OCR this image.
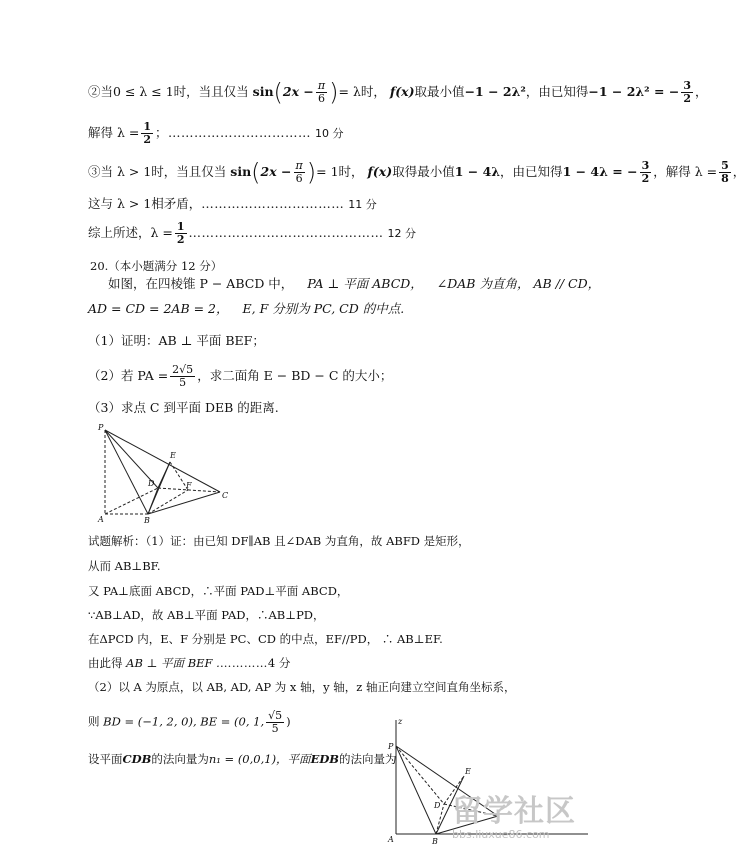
②当0 ≤ λ ≤ 1时，当且仅当 $\sin(2x - \frac{\pi}{6}$ )= λ时， f(x)取最小值−1 − 2λ²，由已知得−1 − 2λ² = − $\frac{3}{2}$ ，
解得 $\lambda = \frac{1}{2}$ ；…………………………… 10 分
③当 λ > 1时，当且仅当 $\sin(2x - \frac{\pi}{6}$ )= 1时， f(x)取得最小值1 − 4λ，由已知得1 − 4λ = − $\frac{3}{2}$ ，解得 $\lambda = \frac{5}{8}$ ，
这与 λ > 1相矛盾，…………………………… 11 分
综上所述，$\lambda = \frac{1}{2}$ ……………………………………… 12 分
20.（本小题满分 12 分）
如图，在四棱锥 P − ABCD 中， PA ⊥ 平面 ABCD， ∠DAB 为直角， AB // CD，
AD = CD = 2AB = 2， E, F 分别为 PC, CD 的中点.
（1）证明：AB ⊥ 平面 BEF；
（2）若 PA = $\frac{2√5}{5}$ ，求二面角 E − BD − C 的大小；
（3）求点 C 到平面 DEB 的距离.
P
E
D	F
C
A	B
试题解析：（1）证：由已知 DF∥AB 且∠DAB 为直角，故 ABFD 是矩形，
从而 AB⊥BF.
又 PA⊥底面 ABCD，∴平面 PAD⊥平面 ABCD，
∵AB⊥AD，故 AB⊥平面 PAD，∴AB⊥PD，
在ΔPCD 内，E、F 分别是 PC、CD 的中点，EF//PD， ∴ AB⊥EF.
由此得 AB ⊥ 平面 BEF .…………4 分
（2）以 A 为原点，以 AB, AD, AP 为 x 轴，y 轴，z 轴正向建立空间直角坐标系，
则 BD = (−1, 2, 0), BE = (0, 1, $\frac{√5}{5}$ )
设平面CDB的法向量为n₁ = (0,0,1)，平面EDB的法向量为
z
P
E
D
A	B
留学社区
bbs.liuxue86.com
